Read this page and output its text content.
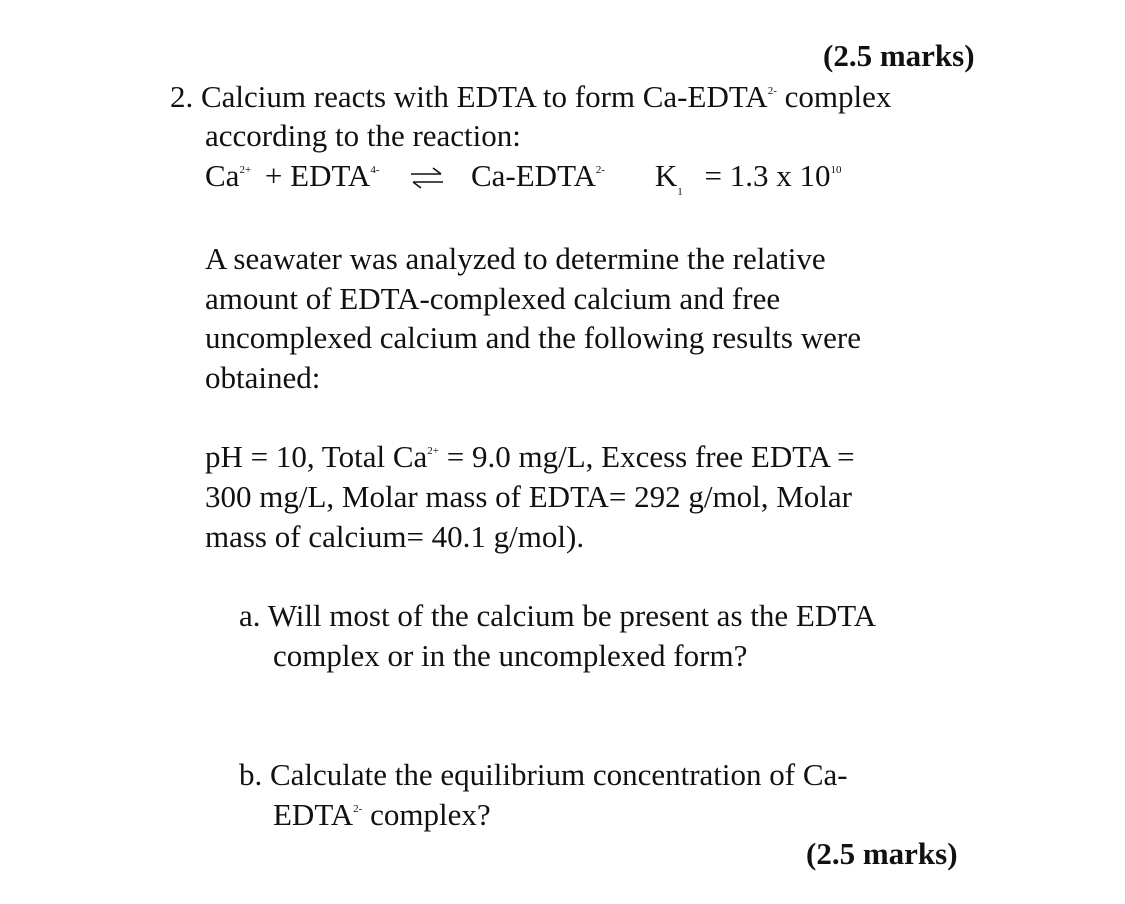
(2.5 marks)
2. Calcium reacts with EDTA to form $Ca-EDTA^{2-}$ complex
according to the reaction:
$Ca^{2+}$ + $EDTA^{4-}$ ⇌ $Ca-EDTA^{2-}$ $K_1 = 1.3$ x $10^{10}$
A seawater was analyzed to determine the relative
amount of EDTA-complexed calcium and free
uncomplexed calcium and the following results were
obtained:
pH = 10, Total $Ca^{2+} = 9.0$ mg/L, Excess free EDTA =
300 mg/L, Molar mass of EDTA= 292 g/mol, Molar
mass of calcium= 40.1 g/mol).
a. Will most of the calcium be present as the EDTA
complex or in the uncomplexed form?
b. Calculate the equilibrium concentration of Ca-
$EDTA^{2-}$ complex?
(2.5 marks)
